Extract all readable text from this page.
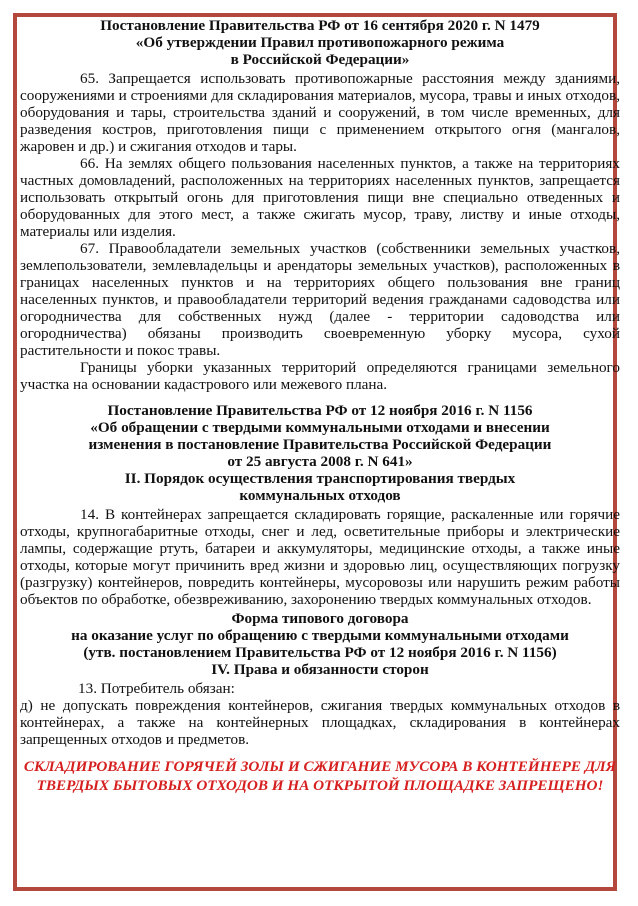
Постановление Правительства РФ от 16 сентября 2020 г. N 1479

«Об утверждении Правил противопожарного режима

в Российской Федерации»

65. Запрещается использовать противопожарные расстояния между зданиями, сооружениями и строениями для складирования материалов, мусора, травы и иных отходов, оборудования и тары, строительства зданий и сооружений, в том числе временных, для разведения костров, приготовления пищи с применением открытого огня (мангалов, жаровен и др.) и сжигания отходов и тары.

66. На землях общего пользования населенных пунктов, а также на территориях частных домовладений, расположенных на территориях населенных пунктов, запрещается использовать открытый огонь для приготовления пищи вне специально отведенных и оборудованных для этого мест, а также сжигать мусор, траву, листву и иные отходы, материалы или изделия.

67. Правообладатели земельных участков (собственники земельных участков, землепользователи, землевладельцы и арендаторы земельных участков), расположенных в границах населенных пунктов и на территориях общего пользования вне границ населенных пунктов, и правообладатели территорий ведения гражданами садоводства или огородничества для собственных нужд (далее - территории садоводства или огородничества) обязаны производить своевременную уборку мусора, сухой растительности и покос травы.

Границы уборки указанных территорий определяются границами земельного участка на основании кадастрового или межевого плана.

Постановление Правительства РФ от 12 ноября 2016 г. N 1156

«Об обращении с твердыми коммунальными отходами и внесении

изменения в постановление Правительства Российской Федерации

от 25 августа 2008 г. N 641»

II. Порядок осуществления транспортирования твердых

коммунальных отходов

14. В контейнерах запрещается складировать горящие, раскаленные или горячие отходы, крупногабаритные отходы, снег и лед, осветительные приборы и электрические лампы, содержащие ртуть, батареи и аккумуляторы, медицинские отходы, а также иные отходы, которые могут причинить вред жизни и здоровью лиц, осуществляющих погрузку (разгрузку) контейнеров, повредить контейнеры, мусоровозы или нарушить режим работы объектов по обработке, обезвреживанию, захоронению твердых коммунальных отходов.

Форма типового договора

на оказание услуг по обращению с твердыми коммунальными отходами

(утв. постановлением Правительства РФ от 12 ноября 2016 г. N 1156)

IV. Права и обязанности сторон

13. Потребитель обязан:

д) не допускать повреждения контейнеров, сжигания твердых коммунальных отходов в контейнерах, а также на контейнерных площадках, складирования в контейнерах запрещенных отходов и предметов.

СКЛАДИРОВАНИЕ ГОРЯЧЕЙ ЗОЛЫ И СЖИГАНИЕ МУСОРА В КОНТЕЙНЕРЕ ДЛЯ

ТВЕРДЫХ БЫТОВЫХ ОТХОДОВ И НА ОТКРЫТОЙ ПЛОЩАДКЕ ЗАПРЕЩЕНО!
